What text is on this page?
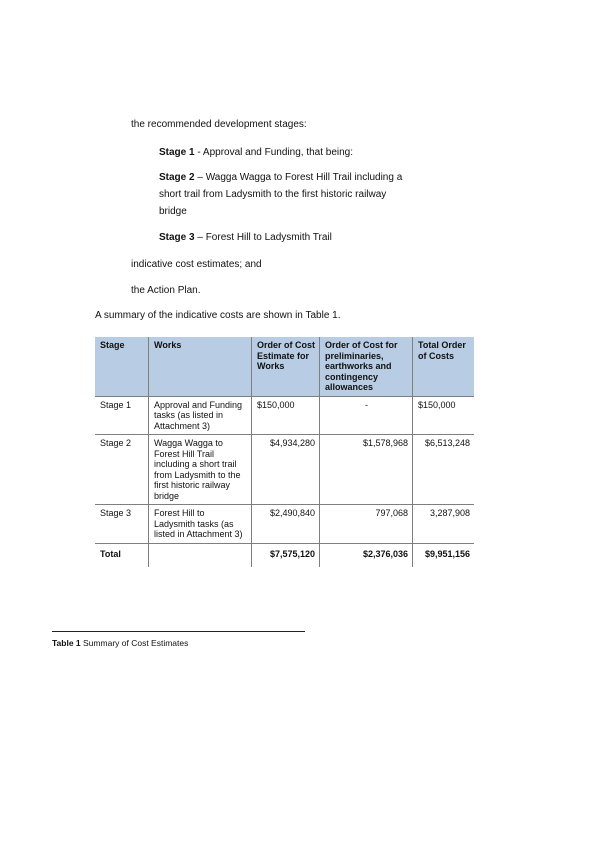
the recommended development stages:
Stage 1 - Approval and Funding, that being:
Stage 2 – Wagga Wagga to Forest Hill Trail including a short trail from Ladysmith to the first historic railway bridge
Stage 3 – Forest Hill to Ladysmith Trail
indicative cost estimates; and
the Action Plan.
A summary of the indicative costs are shown in Table 1.
Stage	Works	Order of Cost Estimate for Works	Order of Cost for preliminaries, earthworks and contingency allowances	Total Order of Costs
Stage 1	Approval and Funding tasks (as listed in Attachment 3)	$150,000	-	$150,000
Stage 2	Wagga Wagga to Forest Hill Trail including a short trail from Ladysmith to the first historic railway bridge	$4,934,280	$1,578,968	$6,513,248
Stage 3	Forest Hill to Ladysmith tasks (as listed in Attachment 3)	$2,490,840	797,068	3,287,908
Total		$7,575,120	$2,376,036	$9,951,156
Table 1 Summary of Cost Estimates
